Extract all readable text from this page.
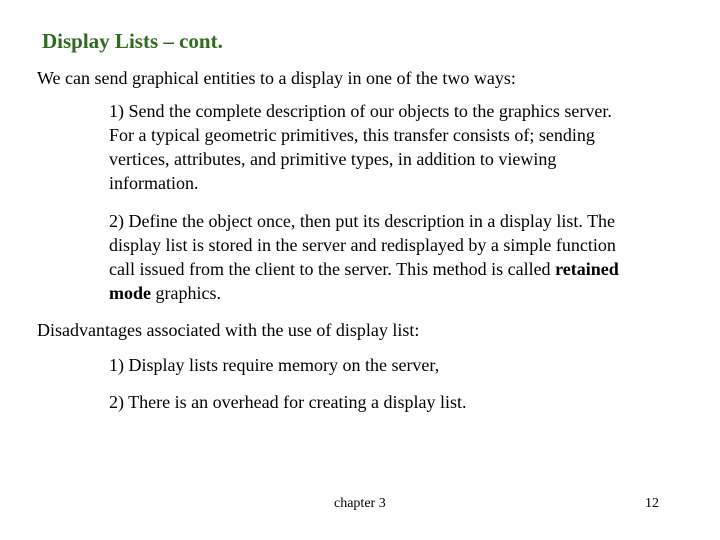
Display Lists – cont.
We can send graphical entities to a display in one of the two ways:
1) Send the complete description of our objects to the graphics server.
For a typical geometric primitives, this transfer consists of; sending
vertices, attributes, and primitive types, in addition to viewing
information.
2) Define the object once, then put its description in a display list. The
display list is stored in the server and redisplayed by a simple function
call issued from the client to the server. This method is called retained
mode graphics.
Disadvantages associated with the use of display list:
1) Display lists require memory on the server,
2) There is an overhead for creating a display list.
chapter 3	12
